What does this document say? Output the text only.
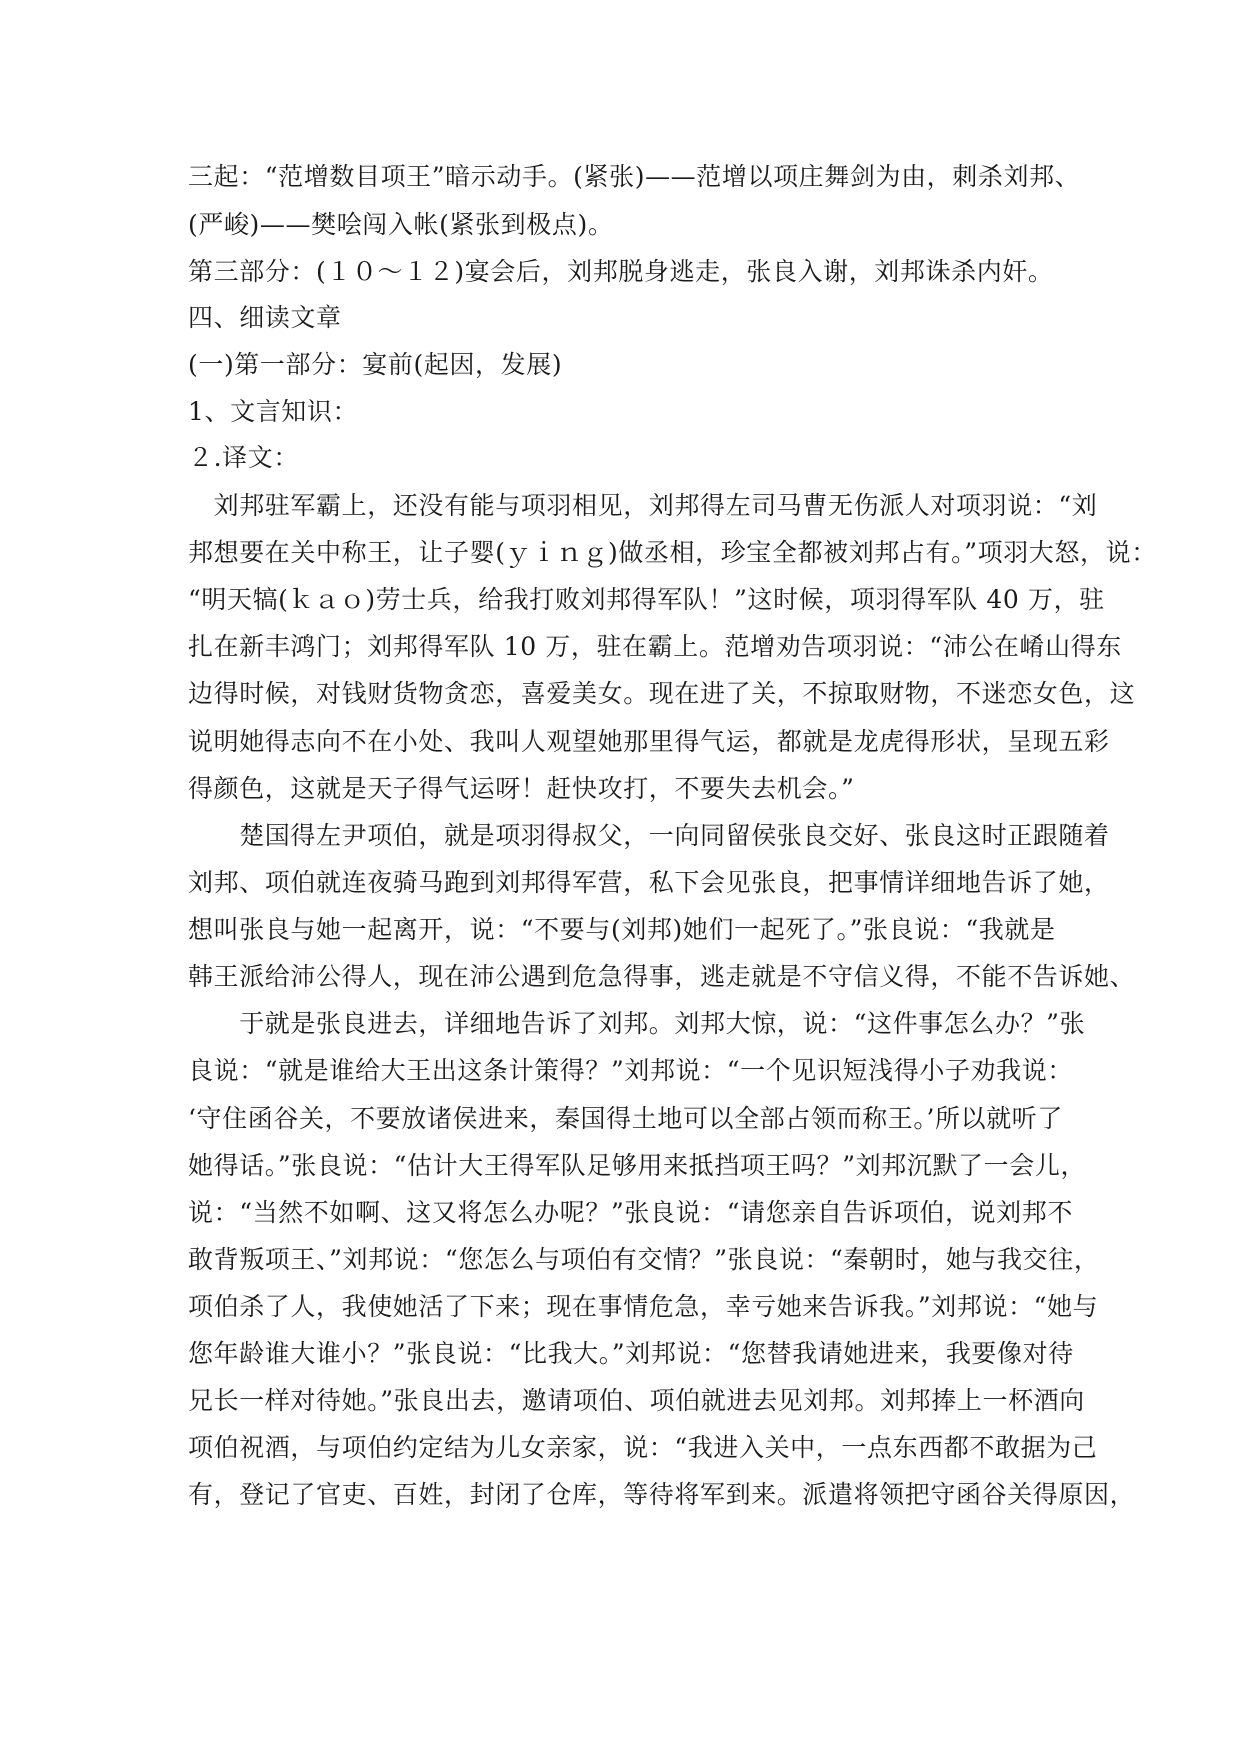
三起：“范增数目项王”暗示动手。(紧张)——范增以项庄舞剑为由，刺杀刘邦、
(严峻)——樊哙闯入帐(紧张到极点)。
第三部分：(１０～１２)宴会后，刘邦脱身逃走，张良入谢，刘邦诛杀内奸。
四、细读文章
(一)第一部分：宴前(起因，发展)
1、文言知识：
２.译文：
　刘邦驻军霸上，还没有能与项羽相见，刘邦得左司马曹无伤派人对项羽说：“刘
邦想要在关中称王，让子婴(ｙｉｎｇ)做丞相，珍宝全都被刘邦占有。”项羽大怒，说：
“明天犒(ｋａｏ)劳士兵，给我打败刘邦得军队！”这时候，项羽得军队 40 万，驻
扎在新丰鸿门；刘邦得军队 10 万，驻在霸上。范增劝告项羽说：“沛公在崤山得东
边得时候，对钱财货物贪恋，喜爱美女。现在进了关，不掠取财物，不迷恋女色，这
说明她得志向不在小处、我叫人观望她那里得气运，都就是龙虎得形状，呈现五彩
得颜色，这就是天子得气运呀！赶快攻打，不要失去机会。”
　　楚国得左尹项伯，就是项羽得叔父，一向同留侯张良交好、张良这时正跟随着
刘邦、项伯就连夜骑马跑到刘邦得军营，私下会见张良，把事情详细地告诉了她，
想叫张良与她一起离开，说：“不要与(刘邦)她们一起死了。”张良说：“我就是
韩王派给沛公得人，现在沛公遇到危急得事，逃走就是不守信义得，不能不告诉她、
　　于就是张良进去，详细地告诉了刘邦。刘邦大惊，说：“这件事怎么办？”张
良说：“就是谁给大王出这条计策得？”刘邦说：“一个见识短浅得小子劝我说：
‘守住函谷关，不要放诸侯进来，秦国得土地可以全部占领而称王。’所以就听了
她得话。”张良说：“估计大王得军队足够用来抵挡项王吗？”刘邦沉默了一会儿，
说：“当然不如啊、这又将怎么办呢？”张良说：“请您亲自告诉项伯，说刘邦不
敢背叛项王、”刘邦说：“您怎么与项伯有交情？”张良说：“秦朝时，她与我交往，
项伯杀了人，我使她活了下来；现在事情危急，幸亏她来告诉我。”刘邦说：“她与
您年龄谁大谁小？”张良说：“比我大。”刘邦说：“您替我请她进来，我要像对待
兄长一样对待她。”张良出去，邀请项伯、项伯就进去见刘邦。刘邦捧上一杯酒向
项伯祝酒，与项伯约定结为儿女亲家，说：“我进入关中，一点东西都不敢据为己
有，登记了官吏、百姓，封闭了仓库，等待将军到来。派遣将领把守函谷关得原因，
